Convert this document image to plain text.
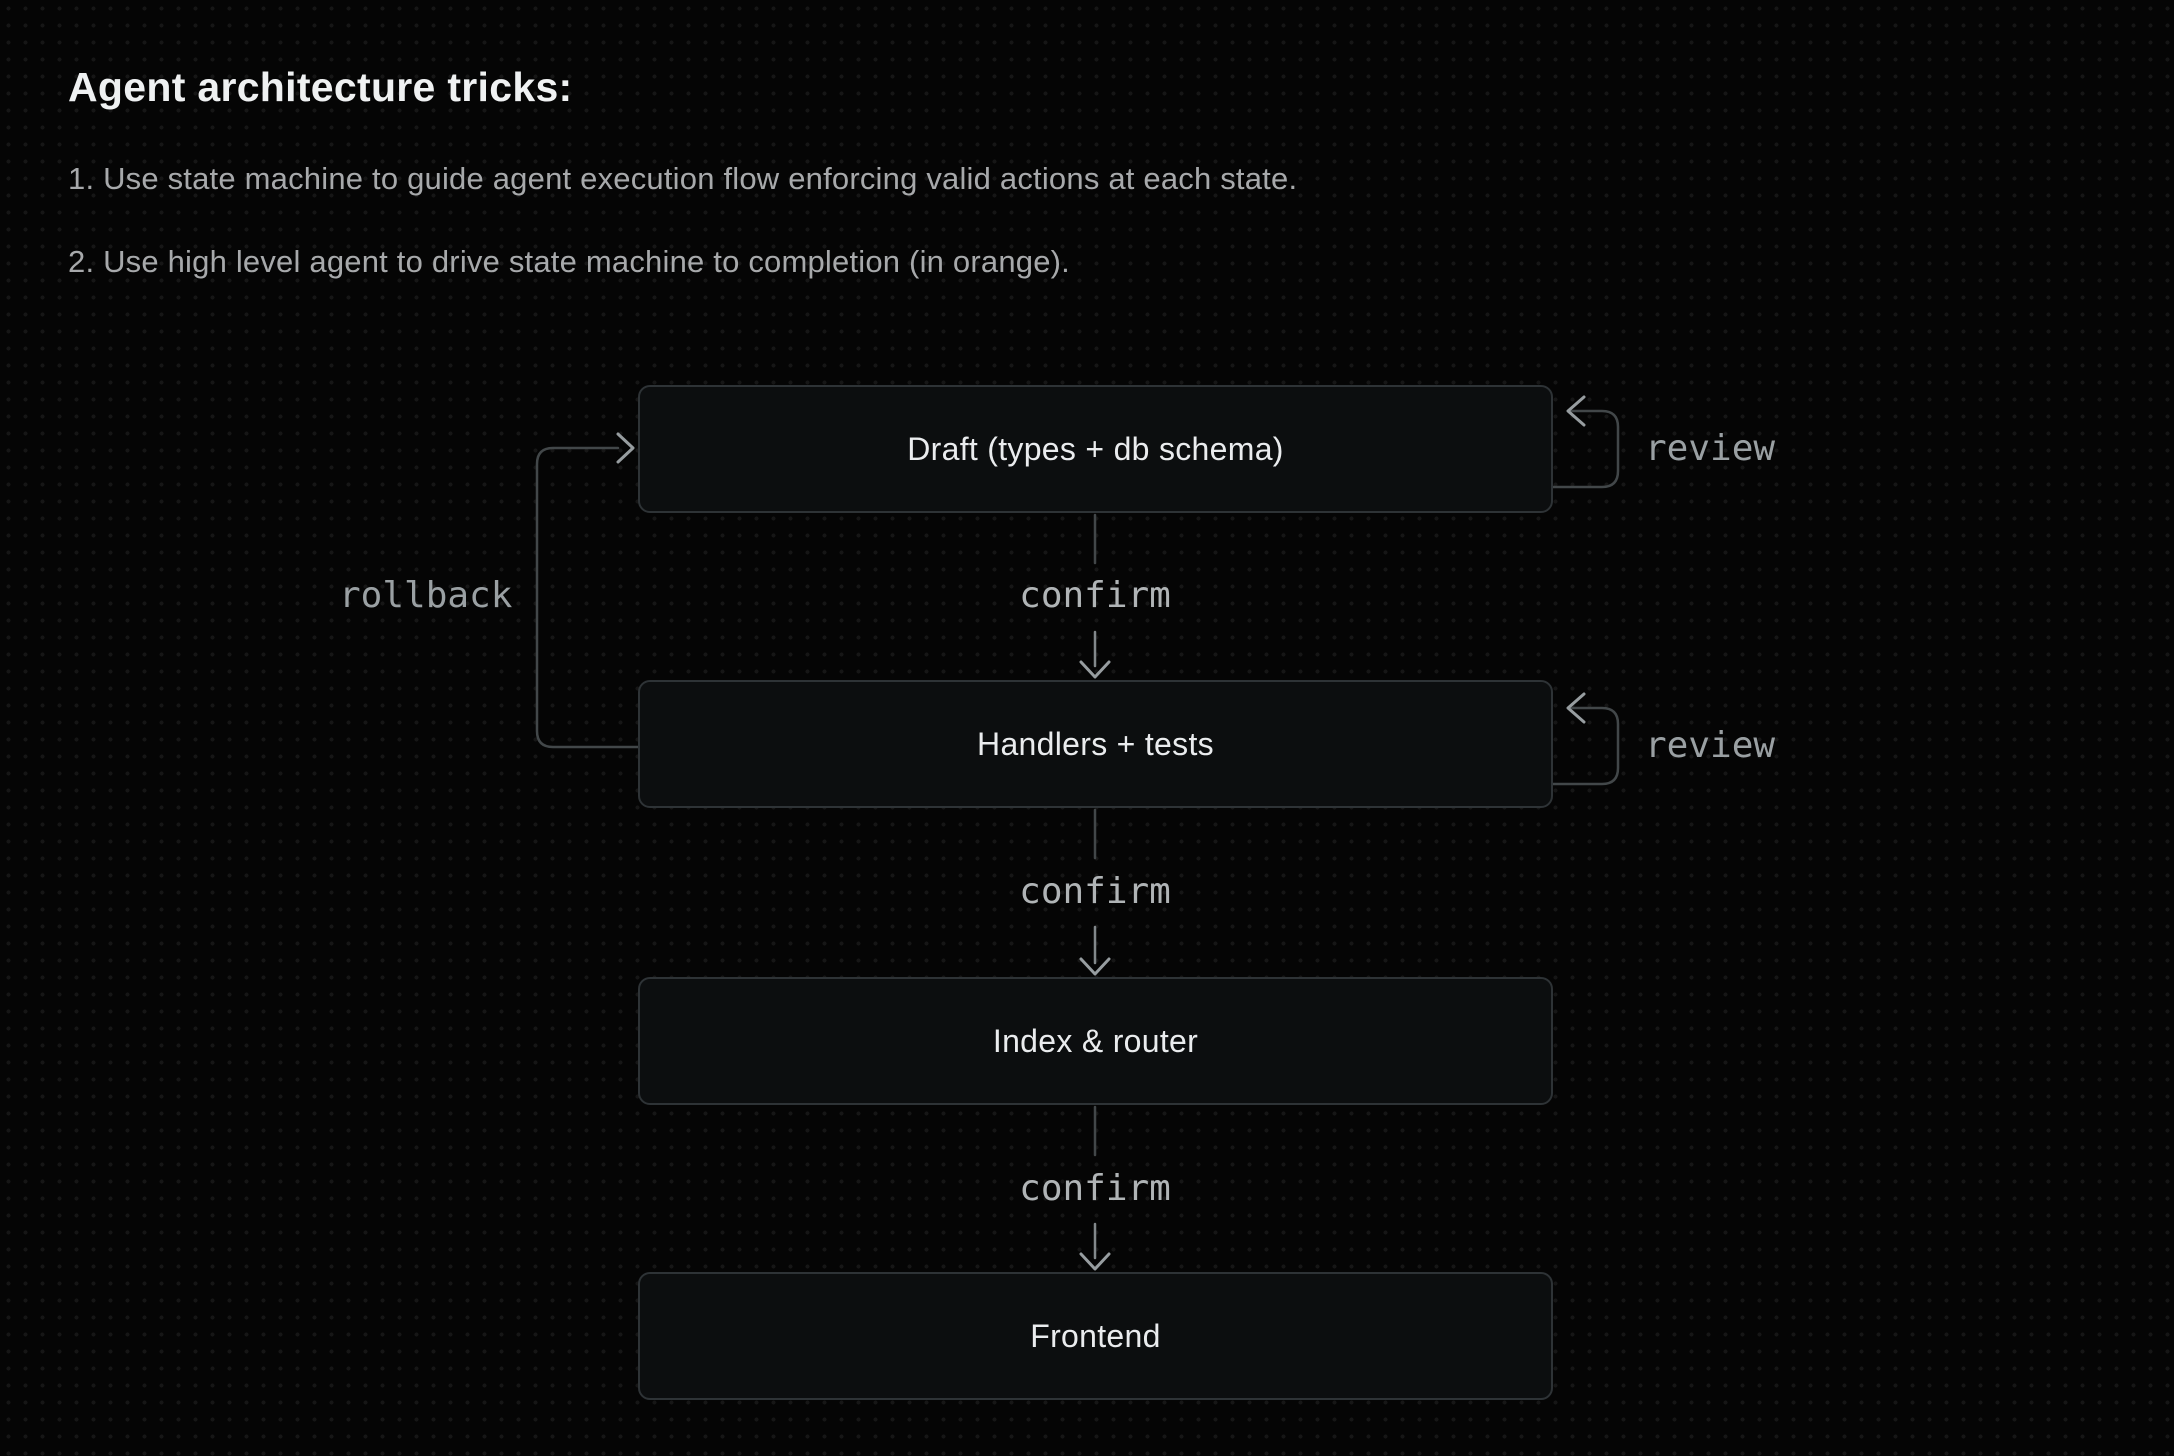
Agent architecture tricks:

1. Use state machine to guide agent execution flow enforcing valid actions at each state.

2. Use high level agent to drive state machine to completion (in orange).

Draft (types + db schema)
Handlers + tests
Index & router
Frontend
confirm
confirm
confirm
review
review
rollback
